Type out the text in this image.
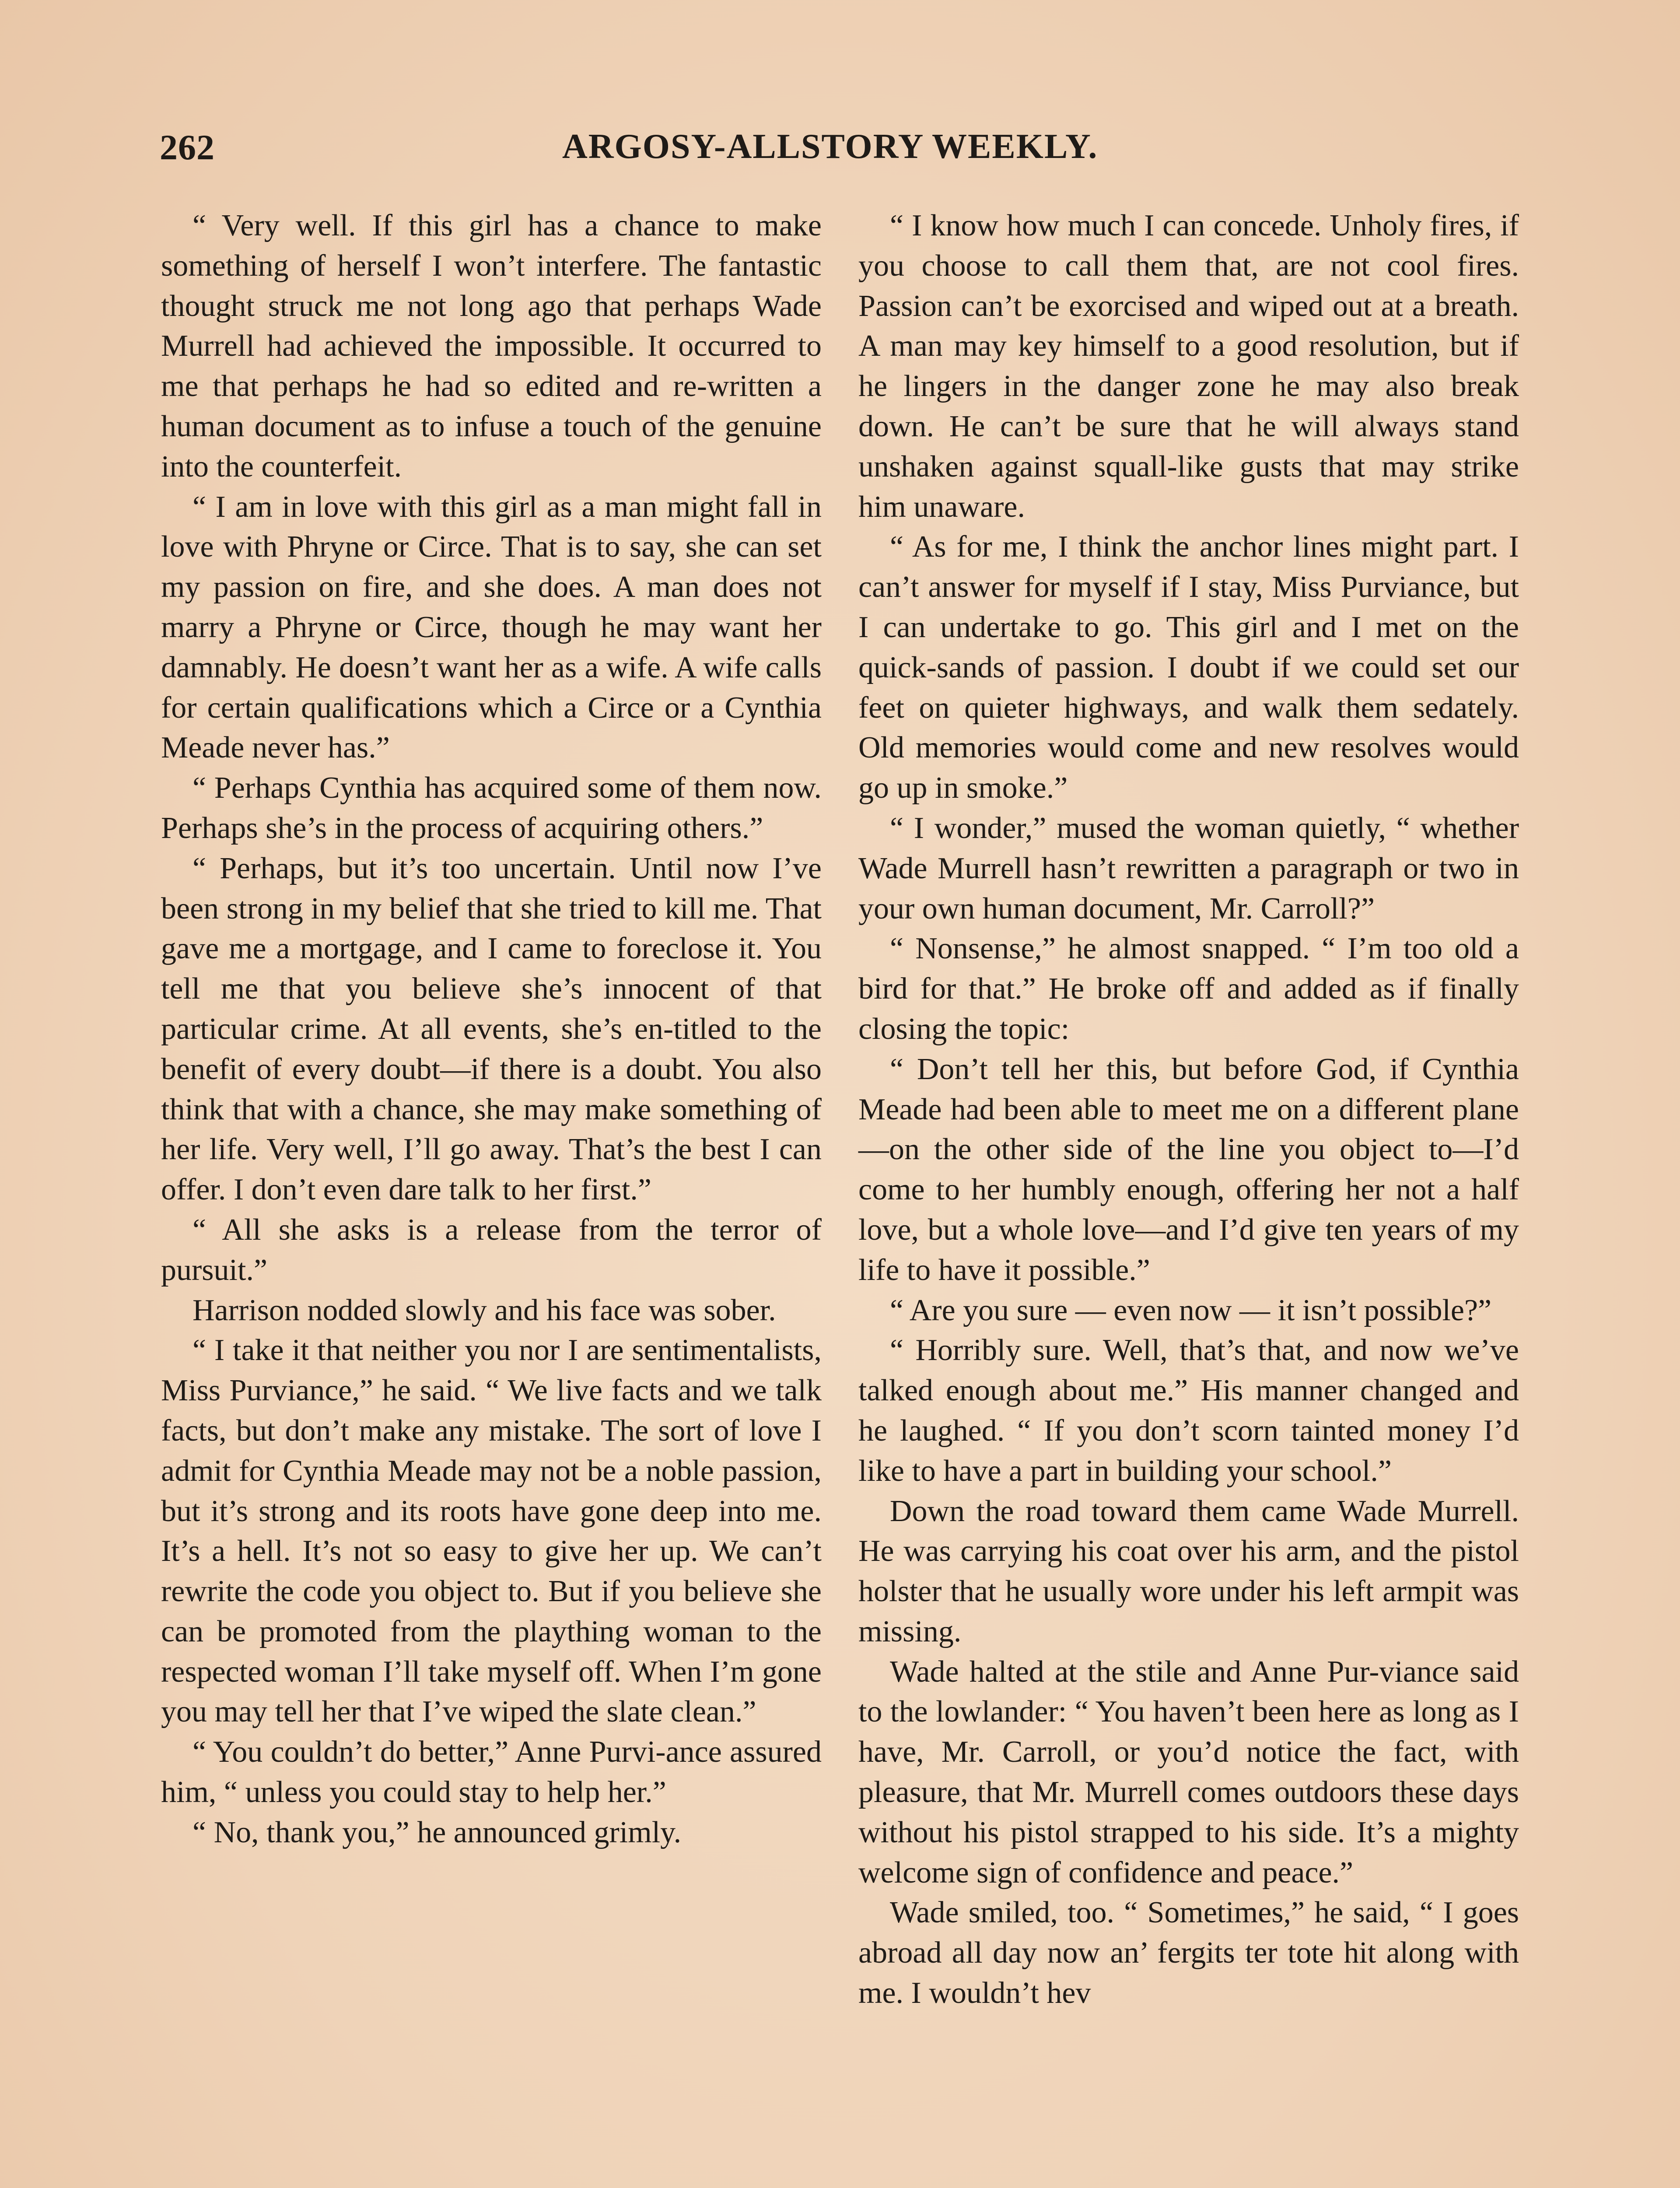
262	ARGOSY-ALLSTORY WEEKLY.

“ Very well. If this girl has a chance to make something of herself I won’t interfere. The fantastic thought struck me not long ago that perhaps Wade Murrell had achieved the impossible. It occurred to me that perhaps he had so edited and re-written a human document as to infuse a touch of the genuine into the counterfeit.

“ I am in love with this girl as a man might fall in love with Phryne or Circe. That is to say, she can set my passion on fire, and she does. A man does not marry a Phryne or Circe, though he may want her damnably. He doesn’t want her as a wife. A wife calls for certain qualifications which a Circe or a Cynthia Meade never has.”

“ Perhaps Cynthia has acquired some of them now. Perhaps she’s in the process of acquiring others.”

“ Perhaps, but it’s too uncertain. Until now I’ve been strong in my belief that she tried to kill me. That gave me a mortgage, and I came to foreclose it. You tell me that you believe she’s innocent of that particular crime. At all events, she’s en-titled to the benefit of every doubt—if there is a doubt. You also think that with a chance, she may make something of her life. Very well, I’ll go away. That’s the best I can offer. I don’t even dare talk to her first.”

“ All she asks is a release from the terror of pursuit.”

Harrison nodded slowly and his face was sober.

“ I take it that neither you nor I are sentimentalists, Miss Purviance,” he said. “ We live facts and we talk facts, but don’t make any mistake. The sort of love I admit for Cynthia Meade may not be a noble passion, but it’s strong and its roots have gone deep into me. It’s a hell. It’s not so easy to give her up. We can’t rewrite the code you object to. But if you believe she can be promoted from the plaything woman to the respected woman I’ll take myself off. When I’m gone you may tell her that I’ve wiped the slate clean.”

“ You couldn’t do better,” Anne Purvi-ance assured him, “ unless you could stay to help her.”

“ No, thank you,” he announced grimly.

“ I know how much I can concede. Unholy fires, if you choose to call them that, are not cool fires. Passion can’t be exorcised and wiped out at a breath. A man may key himself to a good resolution, but if he lingers in the danger zone he may also break down. He can’t be sure that he will always stand unshaken against squall-like gusts that may strike him unaware.

“ As for me, I think the anchor lines might part. I can’t answer for myself if I stay, Miss Purviance, but I can undertake to go. This girl and I met on the quick-sands of passion. I doubt if we could set our feet on quieter highways, and walk them sedately. Old memories would come and new resolves would go up in smoke.”

“ I wonder,” mused the woman quietly, “ whether Wade Murrell hasn’t rewritten a paragraph or two in your own human document, Mr. Carroll?”

“ Nonsense,” he almost snapped. “ I’m too old a bird for that.” He broke off and added as if finally closing the topic:

“ Don’t tell her this, but before God, if Cynthia Meade had been able to meet me on a different plane—on the other side of the line you object to—I’d come to her humbly enough, offering her not a half love, but a whole love—and I’d give ten years of my life to have it possible.”

“ Are you sure — even now — it isn’t possible?”

“ Horribly sure. Well, that’s that, and now we’ve talked enough about me.” His manner changed and he laughed. “ If you don’t scorn tainted money I’d like to have a part in building your school.”

Down the road toward them came Wade Murrell. He was carrying his coat over his arm, and the pistol holster that he usually wore under his left armpit was missing.

Wade halted at the stile and Anne Pur-viance said to the lowlander: “ You haven’t been here as long as I have, Mr. Carroll, or you’d notice the fact, with pleasure, that Mr. Murrell comes outdoors these days without his pistol strapped to his side. It’s a mighty welcome sign of confidence and peace.”

Wade smiled, too. “ Sometimes,” he said, “ I goes abroad all day now an’ fergits ter tote hit along with me. I wouldn’t hev
